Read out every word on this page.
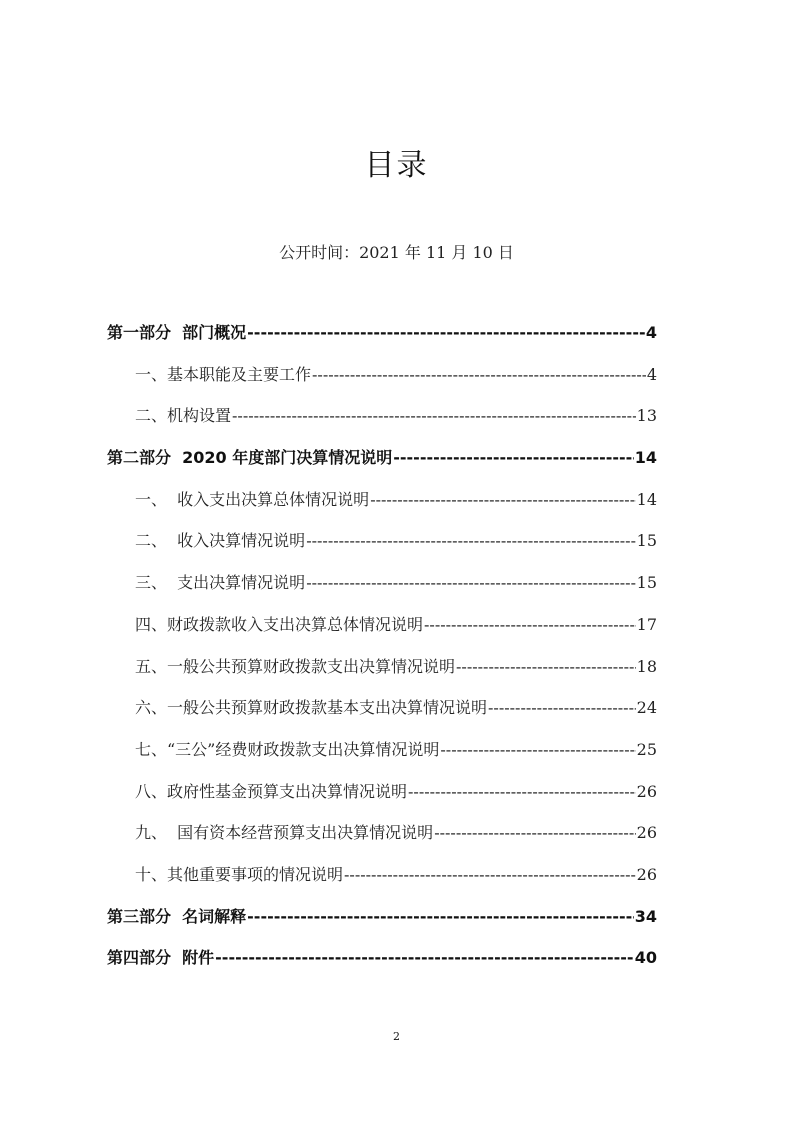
目录
公开时间：2021 年 11 月 10 日
第一部分  部门概况 -----	4
一、基本职能及主要工作 -----	4
二、机构设置 -----	13
第二部分  2020 年度部门决算情况说明 -----	14
一、  收入支出决算总体情况说明 -----	14
二、  收入决算情况说明 -----	15
三、  支出决算情况说明 -----	15
四、财政拨款收入支出决算总体情况说明 -----	17
五、一般公共预算财政拨款支出决算情况说明 -----	18
六、一般公共预算财政拨款基本支出决算情况说明 -----	24
七、“三公”经费财政拨款支出决算情况说明 -----	25
八、政府性基金预算支出决算情况说明 -----	26
九、  国有资本经营预算支出决算情况说明 -----	26
十、其他重要事项的情况说明 -----	26
第三部分  名词解释 -----	34
第四部分  附件 -----	40
2
